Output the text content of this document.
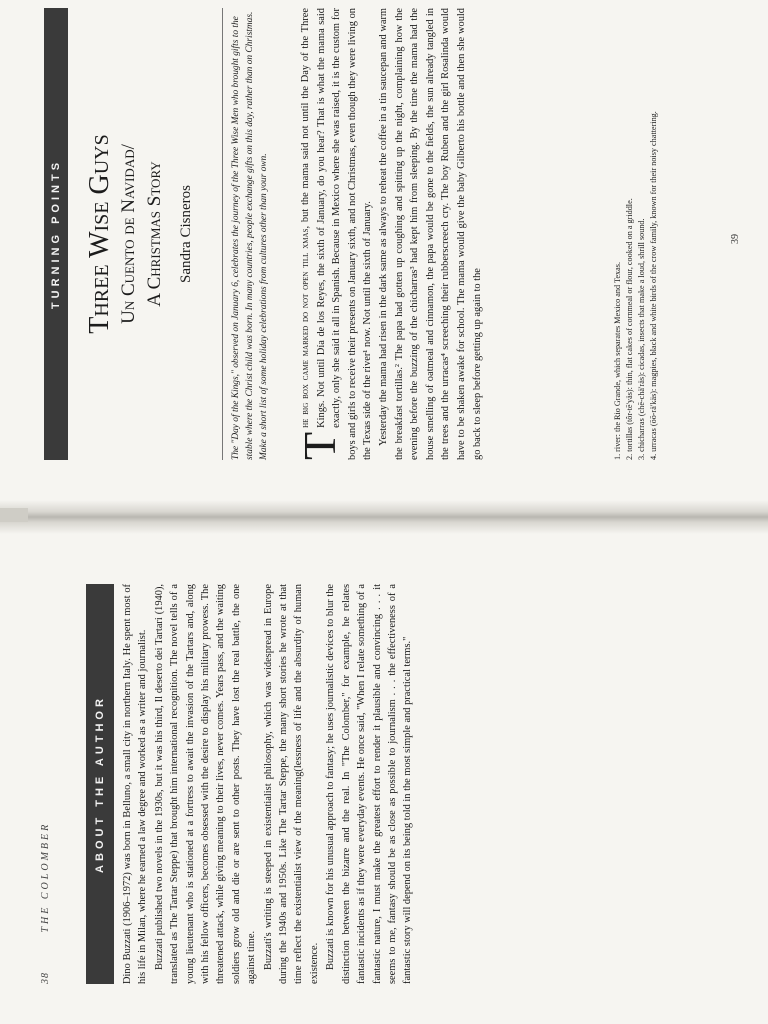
TURNING POINTS Three Wise Guys Un Cuento de Navidad/ A Christmas Story Sandra Cisneros	The "Day of the Kings," observed on January 6, celebrates the journey of the Three Wise Men who brought gifts to the stable where the Christ child was born. In many countries, people exchange gifts on this day, rather than on Christmas. Make a short list of some holiday celebrations from cultures other than your own. T
he big box came marked do not open till xmas, but the mama said not until the Day of the Three Kings. Not until Día de los Reyes, the sixth of January, do you hear? That is what the mama said exactly, only she said it all in Spanish. Because in Mexico where she was raised, it is the custom for boys and girls to receive their presents on January sixth, and not Christmas, even though they were living on the Texas side of the river¹ now. Not until the sixth of January. Yesterday the mama had risen in the dark same as always to reheat the coffee in a tin saucepan and warm the breakfast tortillas.² The papa had gotten up coughing and spitting up the night, complaining how the evening before the buzzing of the chicharras³ had kept him from sleeping. By the time the mama had the house smelling of oatmeal and cinnamon, the papa would be gone to the fields, the sun already tangled in the trees and the urracas⁴ screeching their rubberscreech cry. The boy Ruben and the girl Rosalinda would have to be shaken awake for school. The mama would give the baby Gilberto his bottle and then she would go back to sleep before getting up again to the	1. river: the Rio Grande, which separates Mexico and Texas. 2. tortillas (tôr-tē'yäs): thin, flat cakes of cornmeal or flour, cooked on a griddle. 3. chicharras (chē-chä'räs): cicadas, insects that make a loud, shrill sound. 4. urracas (ōō-rä'käs): magpies, black and white birds of the crow family, known for their noisy chattering.	39
38 THE COLOMBER
ABOUT THE AUTHOR	Dino Buzzati (1906–1972) was born in Belluno, a small city in northern Italy. He spent most of his life in Milan, where he earned a law degree and worked as a writer and journalist. Buzzati published two novels in the 1930s, but it was his third, Il deserto dei Tartari (1940), translated as The Tartar Steppe) that brought him international recognition. The novel tells of a young lieutenant who is stationed at a fortress to await the invasion of the Tartars and, along with his fellow officers, becomes obsessed with the desire to display his military prowess. The threatened attack, while giving meaning to their lives, never comes. Years pass, and the waiting soldiers grow old and die or are sent to other posts. They have lost the real battle, the one against time. Buzzati's writing is steeped in existentialist philosophy, which was widespread in Europe during the 1940s and 1950s. Like The Tartar Steppe, the many short stories he wrote at that time reflect the existentialist view of the meaning(lessness of life and the absurdity of human existence. Buzzati is known for his unusual approach to fantasy; he uses journalistic devices to blur the distinction between the bizarre and the real. In "The Colomber," for example, he relates fantastic incidents as if they were everyday events. He once said, "When I relate something of a fantastic nature, I must make the greatest effort to render it plausible and convincing . . . it seems to me, fantasy should be as close as possible to journalism . . . the effectiveness of a fantastic story will depend on its being told in the most simple and practical terms."
